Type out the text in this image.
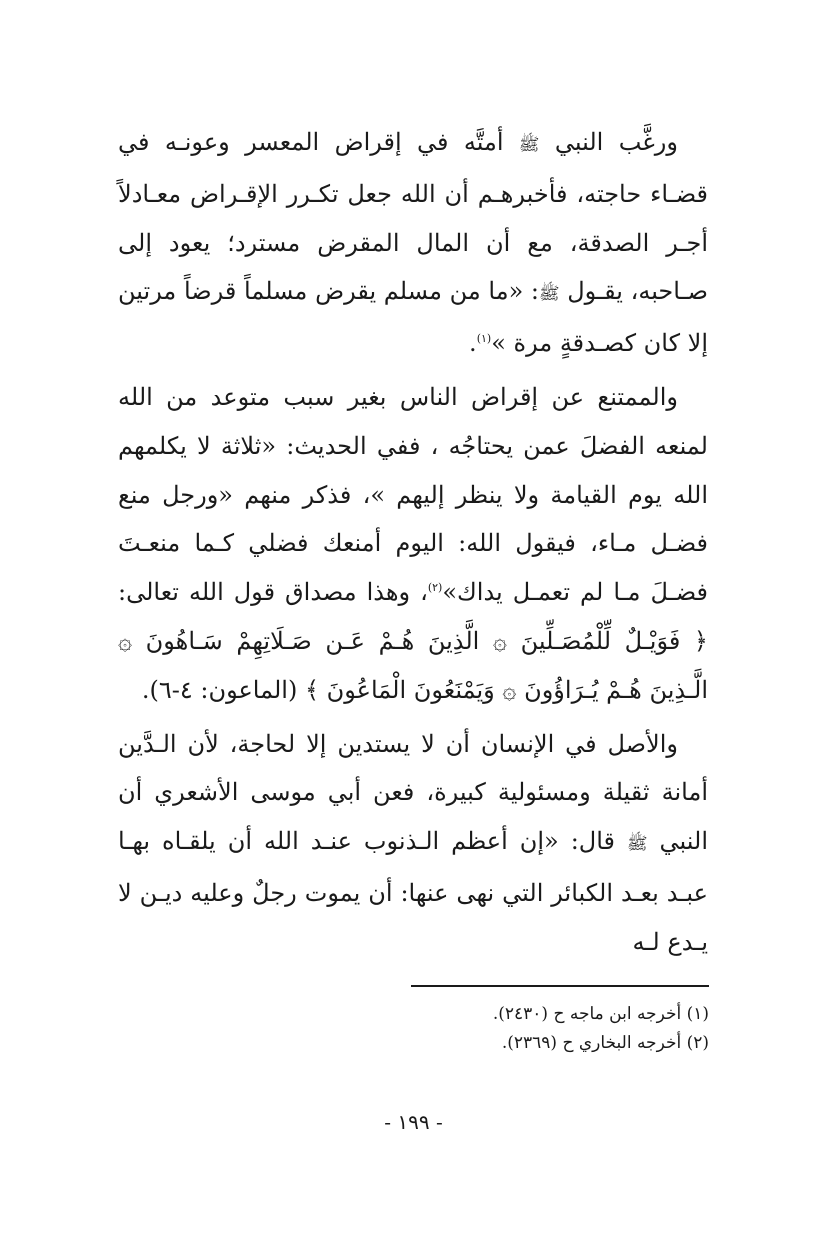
ورغَّب النبي ﷺ أمتَّه في إقراض المعسر وعونـه في قضـاء حاجته، فأخبرهـم أن الله جعل تكـرر الإقـراض معـادلاً أجـر الصدقة، مع أن المال المقرض مسترد؛ يعود إلى صـاحبه، يقـول ﷺ: «ما من مسلم يقرض مسلماً قرضاً مرتين إلا كان كصـدقةٍ مرة »$^{(١)}$.

والممتنع عن إقراض الناس بغير سبب متوعد من الله لمنعه الفضلَ عمن يحتاجُه ، ففي الحديث: «ثلاثة لا يكلمهم الله يوم القيامة ولا ينظر إليهم »، فذكر منهم «ورجل منع فضـل مـاء، فيقول الله: اليوم أمنعك فضلي كـما منعـتَ فضـلَ مـا لم تعمـل يداك»$^{(٢)}$، وهذا مصداق قول الله تعالى: ﴿ فَوَيْـلٌ لِّلْمُصَـلِّينَ ۞ الَّذِينَ هُـمْ عَـن صَـلَاتِهِمْ سَـاهُونَ ۞ الَّـذِينَ هُـمْ يُـرَاؤُونَ ۞ وَيَمْنَعُونَ الْمَاعُونَ ﴾ (الماعون: ٤-٦).

والأصل في الإنسان أن لا يستدين إلا لحاجة، لأن الـدَّين أمانة ثقيلة ومسئولية كبيرة، فعن أبي موسى الأشعري أن النبي ﷺ قال: «إن أعظم الـذنوب عنـد الله أن يلقـاه بهـا عبـد بعـد الكبائر التي نهى عنها: أن يموت رجلٌ وعليه ديـن لا يـدع لـه

(١) أخرجه ابن ماجه ح (٢٤٣٠).

(٢) أخرجه البخاري ح (٢٣٦٩).

- ١٩٩ -
